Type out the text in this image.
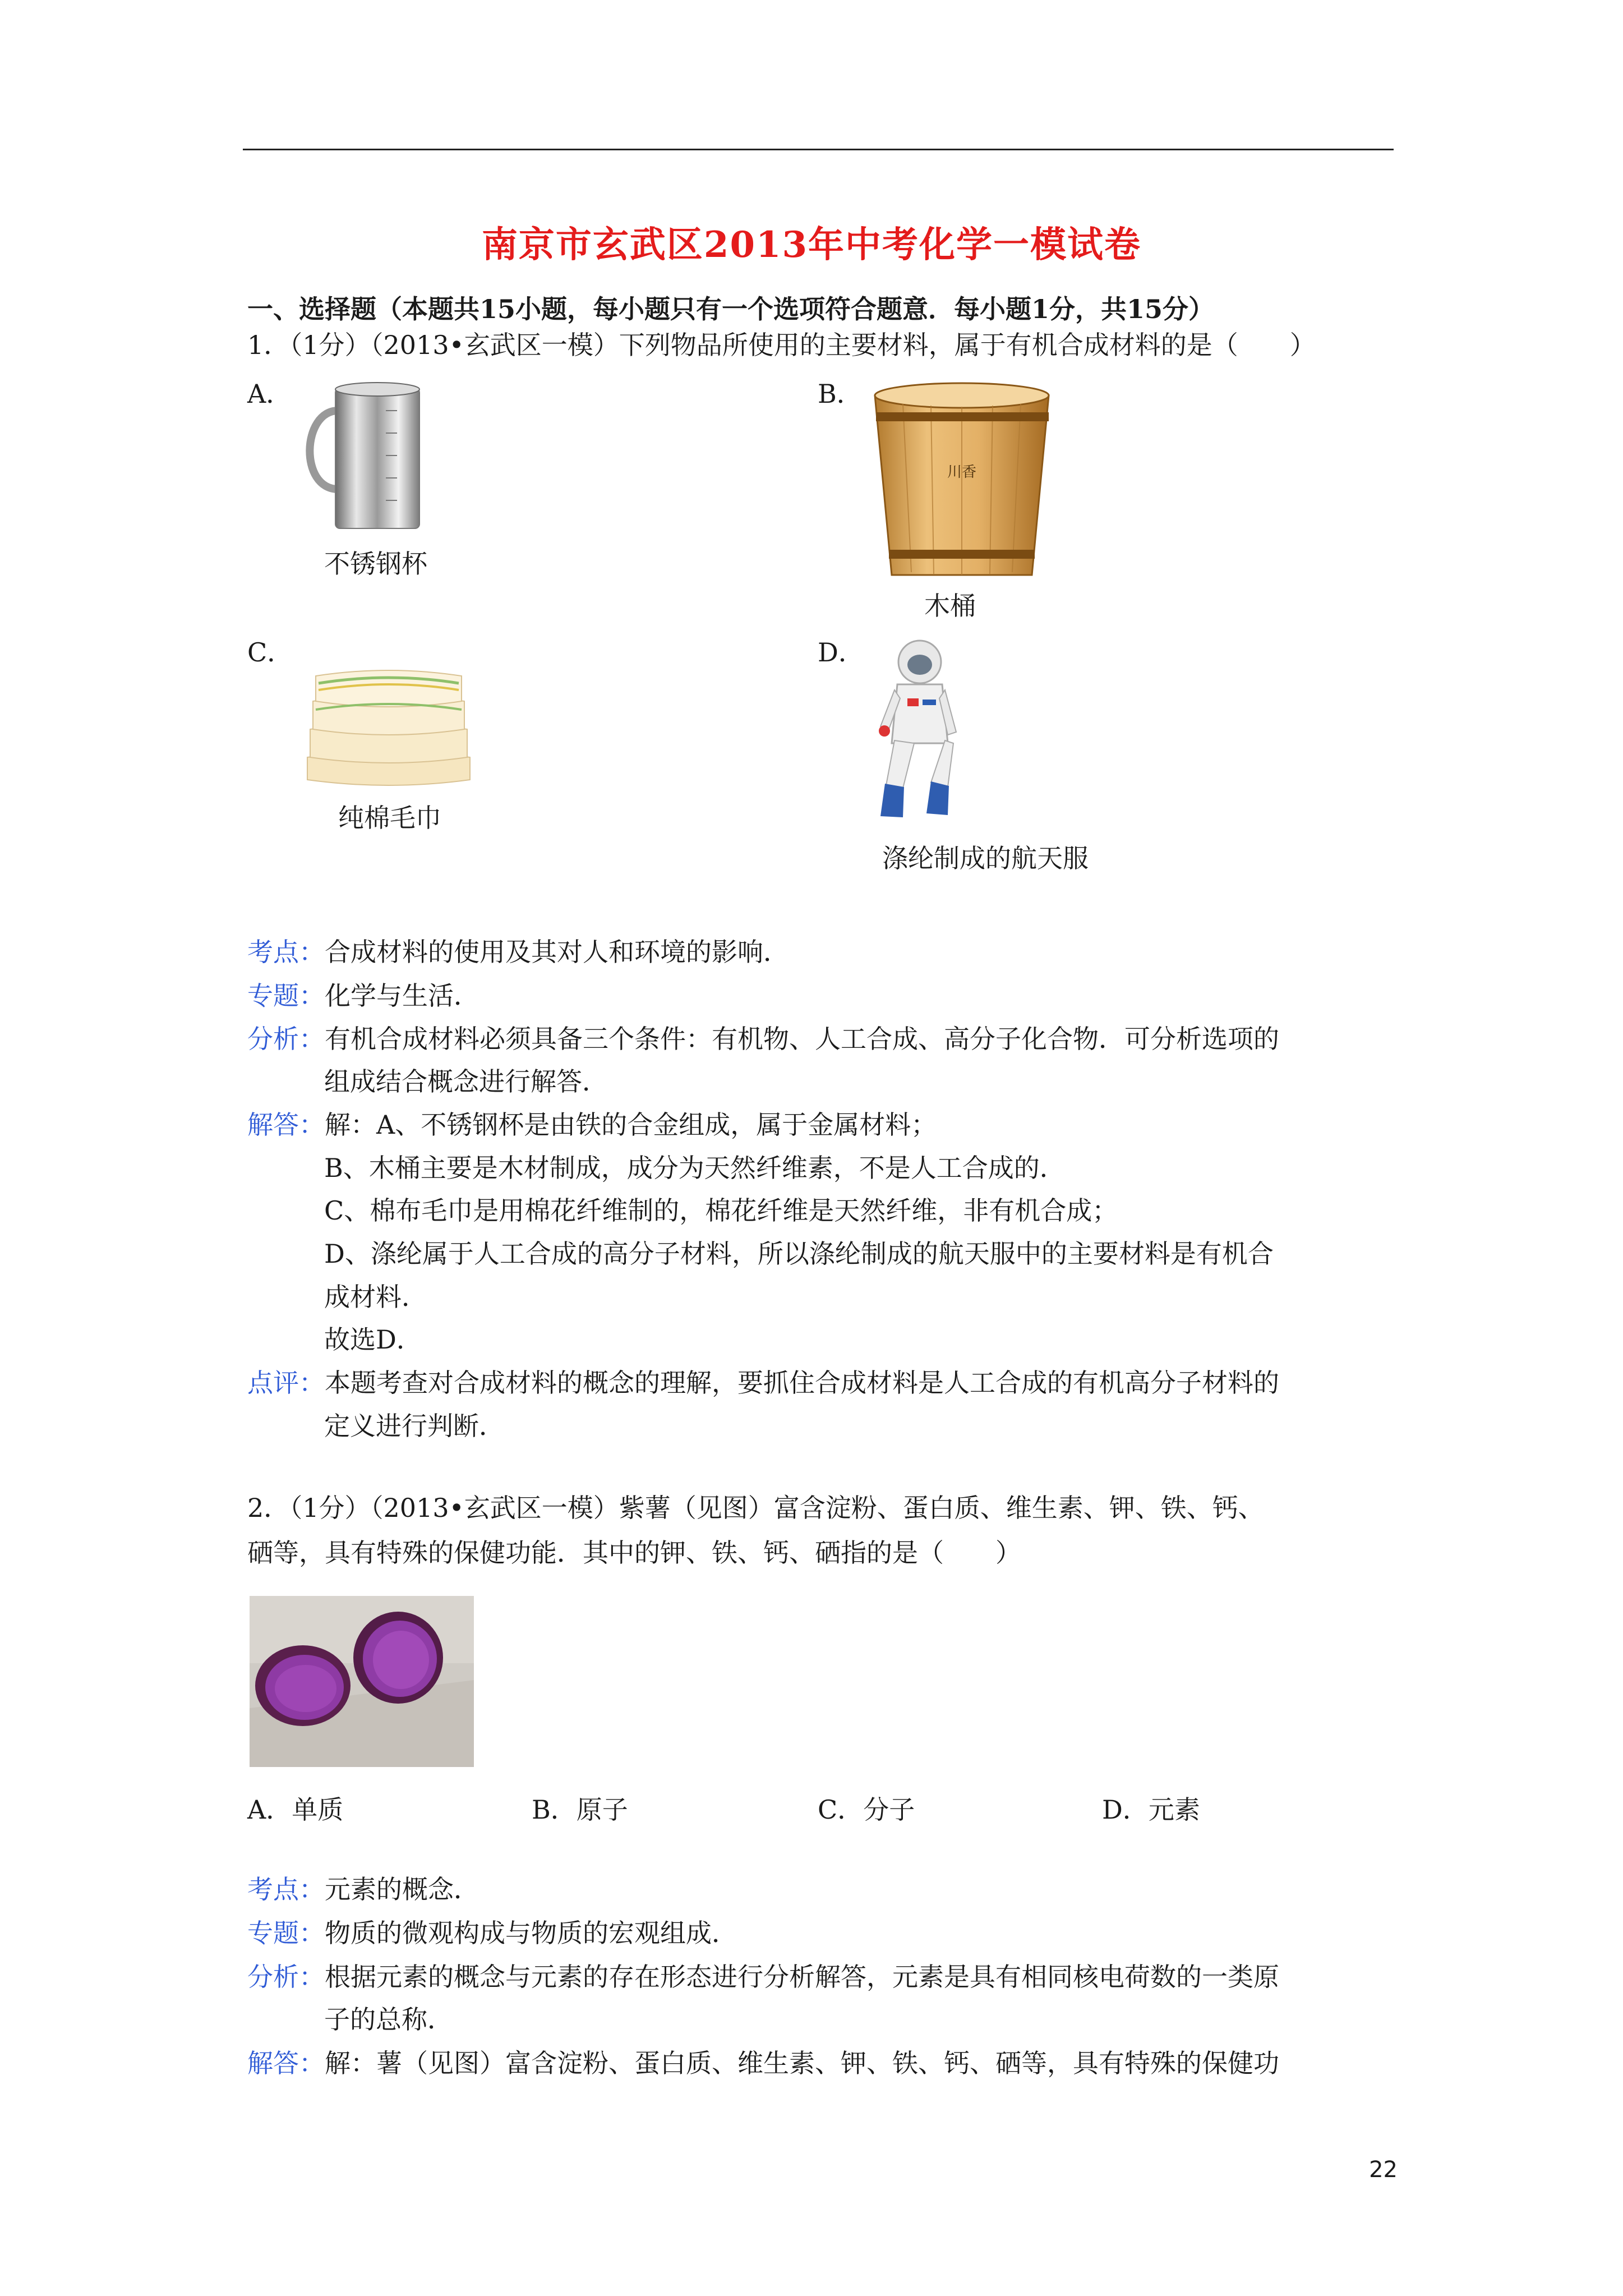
南京市玄武区2013年中考化学一模试卷
一、选择题（本题共15小题，每小题只有一个选项符合题意．每小题1分，共15分）
1．（1分）（2013•玄武区一模）下列物品所使用的主要材料，属于有机合成材料的是（　　）
A．
不锈钢杯
B．
川香
木桶
C．
纯棉毛巾
D．
涤纶制成的航天服
考点：合成材料的使用及其对人和环境的影响．
专题：化学与生活．
分析：有机合成材料必须具备三个条件：有机物、人工合成、高分子化合物．可分析选项的
组成结合概念进行解答．
解答：解：A、不锈钢杯是由铁的合金组成，属于金属材料；
B、木桶主要是木材制成，成分为天然纤维素，不是人工合成的．
C、棉布毛巾是用棉花纤维制的，棉花纤维是天然纤维，非有机合成；
D、涤纶属于人工合成的高分子材料，所以涤纶制成的航天服中的主要材料是有机合
成材料．
故选D．
点评：本题考查对合成材料的概念的理解，要抓住合成材料是人工合成的有机高分子材料的
定义进行判断．
2．（1分）（2013•玄武区一模）紫薯（见图）富含淀粉、蛋白质、维生素、钾、铁、钙、
硒等，具有特殊的保健功能．其中的钾、铁、钙、硒指的是（　　）
A．单质	B．原子	C．分子	D．元素
考点：元素的概念．
专题：物质的微观构成与物质的宏观组成．
分析：根据元素的概念与元素的存在形态进行分析解答，元素是具有相同核电荷数的一类原
子的总称．
解答：解：薯（见图）富含淀粉、蛋白质、维生素、钾、铁、钙、硒等，具有特殊的保健功
22
